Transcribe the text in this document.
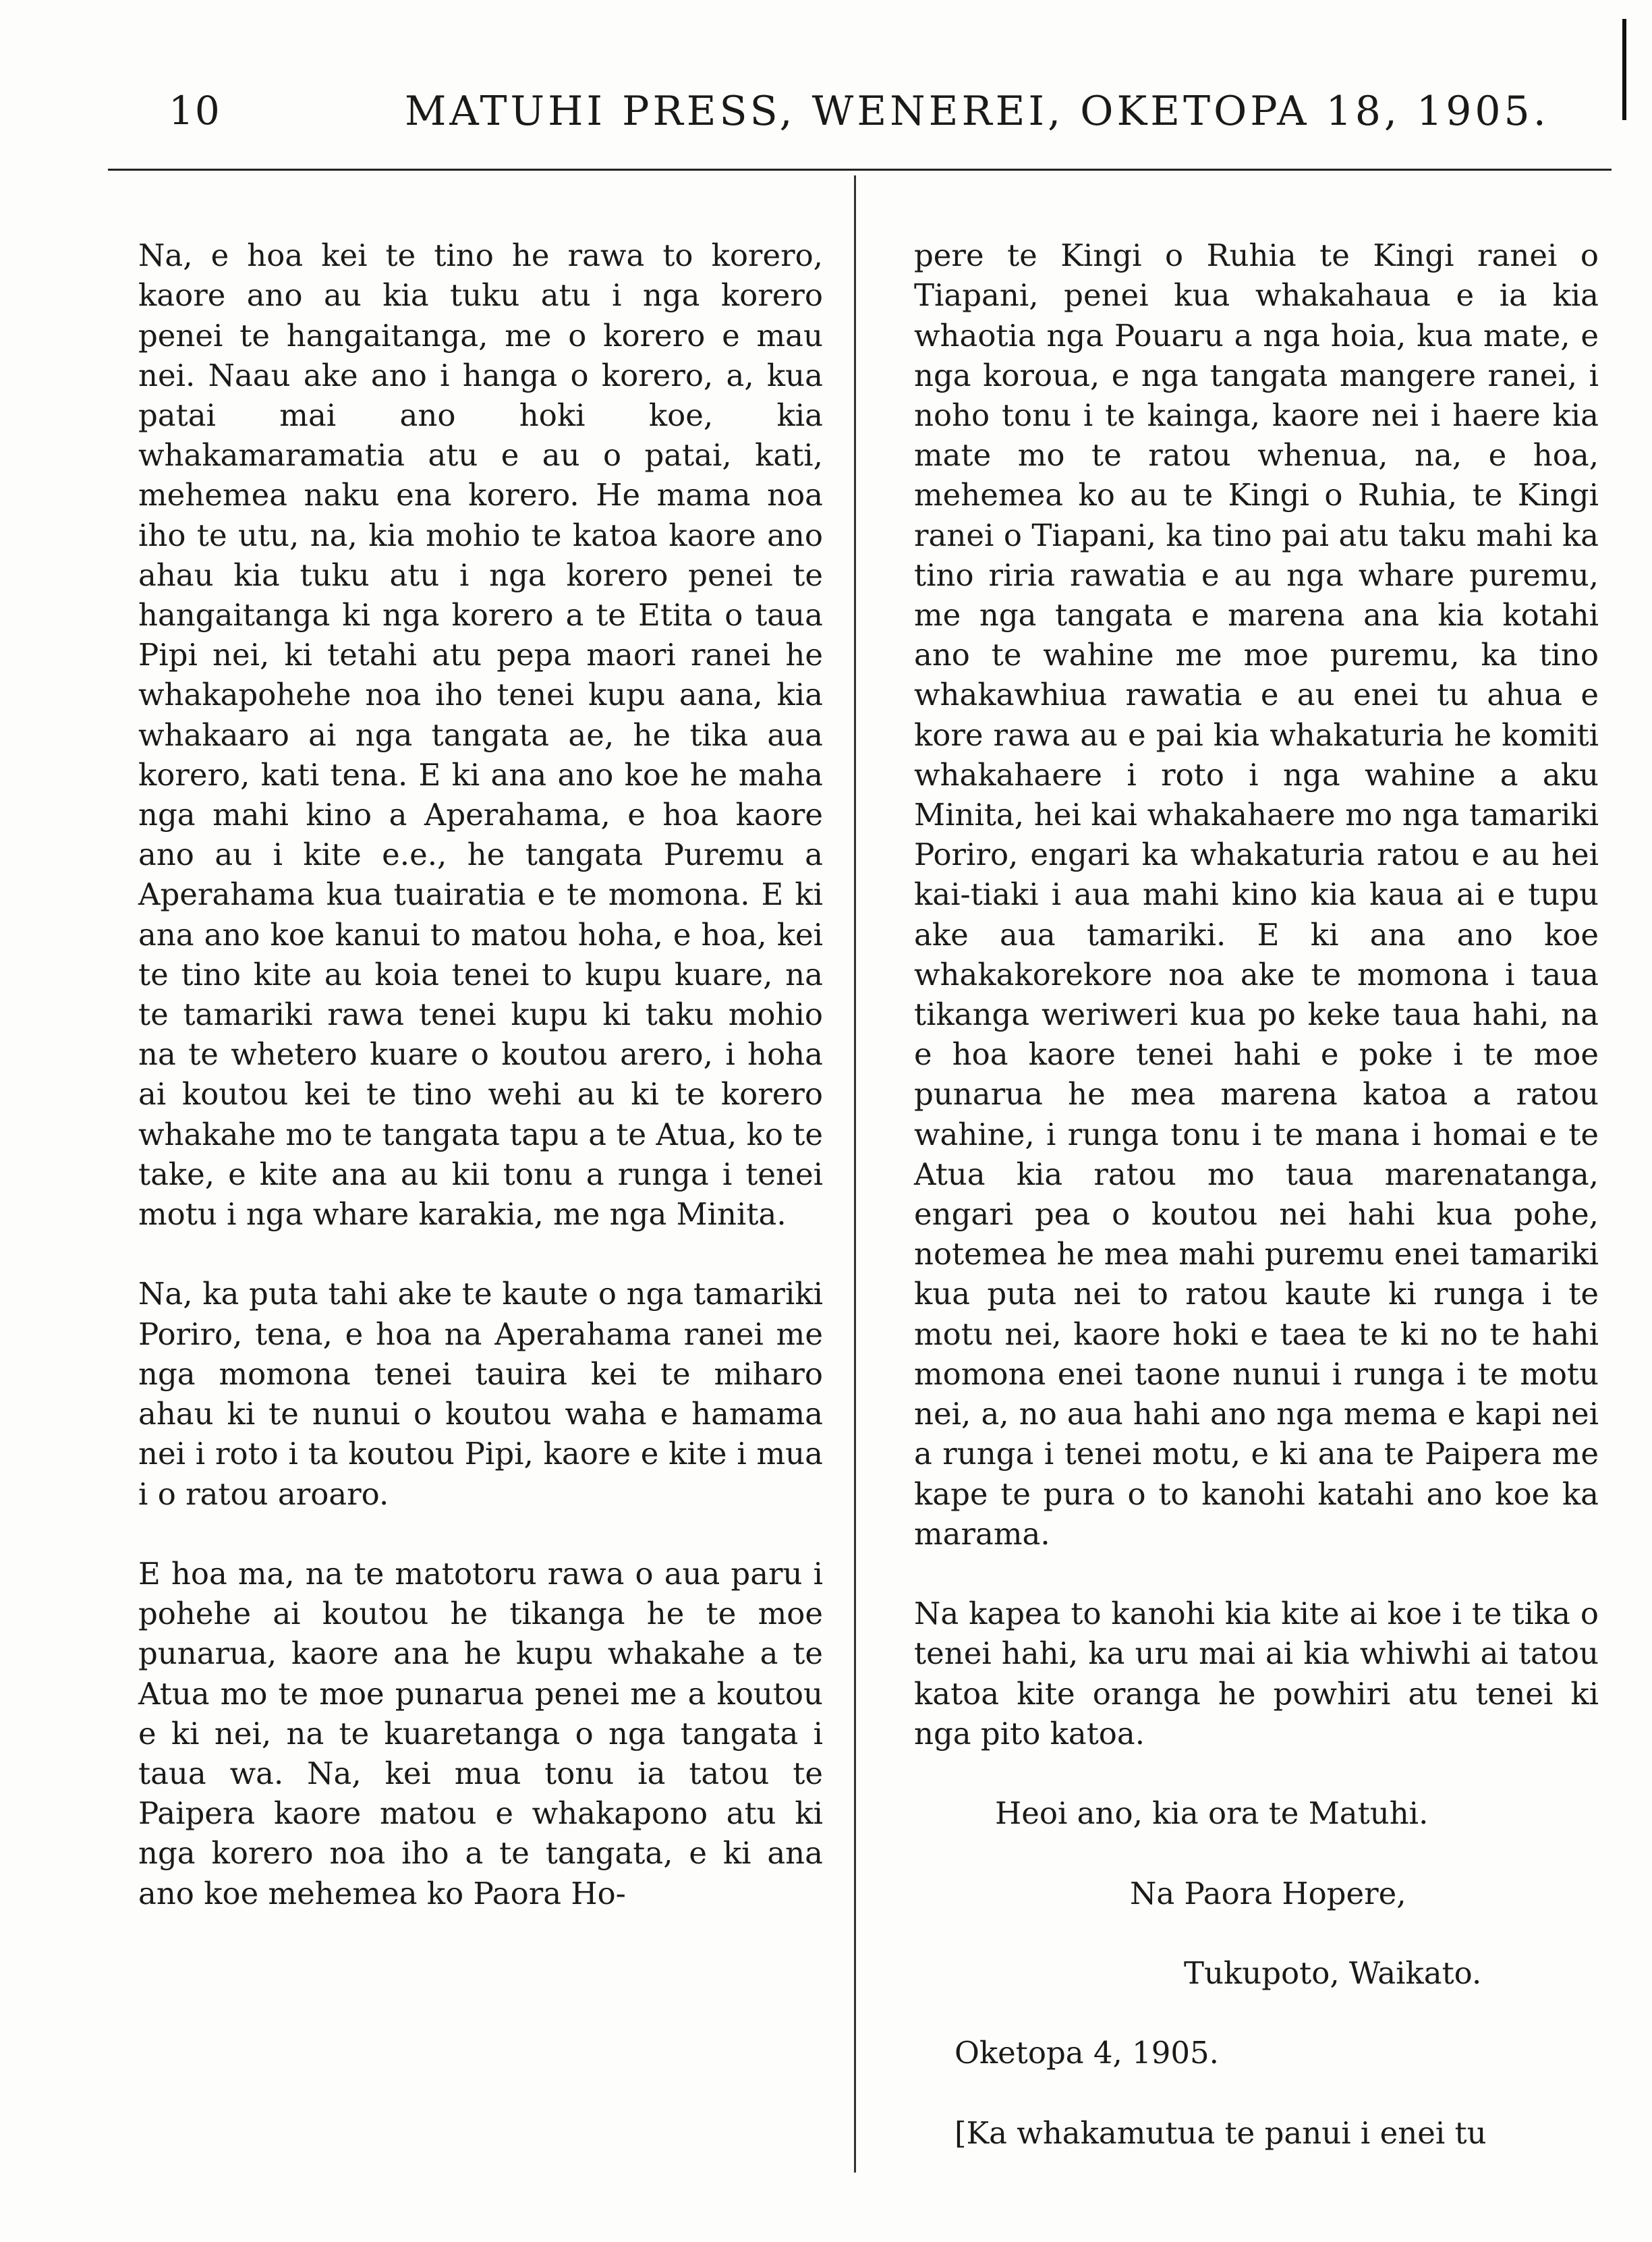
10	MATUHI PRESS, WENEREI, OKETOPA 18, 1905.

Na, e hoa kei te tino he rawa to korero, kaore ano au kia tuku atu i nga korero penei te hangaitanga, me o korero e mau nei. Naau ake ano i hanga o korero, a, kua patai mai ano hoki koe, kia whakamaramatia atu e au o patai, kati, mehemea naku ena korero. He mama noa iho te utu, na, kia mohio te katoa kaore ano ahau kia tuku atu i nga korero penei te hangaitanga ki nga korero a te Etita o taua Pipi nei, ki tetahi atu pepa maori ranei he whakapohehe noa iho tenei kupu aana, kia whakaaro ai nga tangata ae, he tika aua korero, kati tena. E ki ana ano koe he maha nga mahi kino a Aperahama, e hoa kaore ano au i kite e.e., he tangata Puremu a Aperahama kua tuairatia e te momona. E ki ana ano koe kanui to matou hoha, e hoa, kei te tino kite au koia tenei to kupu kuare, na te tamariki rawa tenei kupu ki taku mohio na te whetero kuare o koutou arero, i hoha ai koutou kei te tino wehi au ki te korero whakahe mo te tangata tapu a te Atua, ko te take, e kite ana au kii tonu a runga i tenei motu i nga whare karakia, me nga Minita.

Na, ka puta tahi ake te kaute o nga tamariki Poriro, tena, e hoa na Aperahama ranei me nga momona tenei tauira kei te miharo ahau ki te nunui o koutou waha e hamama nei i roto i ta koutou Pipi, kaore e kite i mua i o ratou aroaro.

E hoa ma, na te matotoru rawa o aua paru i pohehe ai koutou he tikanga he te moe punarua, kaore ana he kupu whakahe a te Atua mo te moe punarua penei me a koutou e ki nei, na te kuaretanga o nga tangata i taua wa. Na, kei mua tonu ia tatou te Paipera kaore matou e whakapono atu ki nga korero noa iho a te tangata, e ki ana ano koe mehemea ko Paora Ho-

pere te Kingi o Ruhia te Kingi ranei o Tiapani, penei kua whakahaua e ia kia whaotia nga Pouaru a nga hoia, kua mate, e nga koroua, e nga tangata mangere ranei, i noho tonu i te kainga, kaore nei i haere kia mate mo te ratou whenua, na, e hoa, mehemea ko au te Kingi o Ruhia, te Kingi ranei o Tiapani, ka tino pai atu taku mahi ka tino riria rawatia e au nga whare puremu, me nga tangata e marena ana kia kotahi ano te wahine me moe puremu, ka tino whakawhiua rawatia e au enei tu ahua e kore rawa au e pai kia whakaturia he komiti whakahaere i roto i nga wahine a aku Minita, hei kai whakahaere mo nga tamariki Poriro, engari ka whakaturia ratou e au hei kai-tiaki i aua mahi kino kia kaua ai e tupu ake aua tamariki. E ki ana ano koe whakakorekore noa ake te momona i taua tikanga weriweri kua po keke taua hahi, na e hoa kaore tenei hahi e poke i te moe punarua he mea marena katoa a ratou wahine, i runga tonu i te mana i homai e te Atua kia ratou mo taua marenatanga, engari pea o koutou nei hahi kua pohe, notemea he mea mahi puremu enei tamariki kua puta nei to ratou kaute ki runga i te motu nei, kaore hoki e taea te ki no te hahi momona enei taone nunui i runga i te motu nei, a, no aua hahi ano nga mema e kapi nei a runga i tenei motu, e ki ana te Paipera me kape te pura o to kanohi katahi ano koe ka marama.

Na kapea to kanohi kia kite ai koe i te tika o tenei hahi, ka uru mai ai kia whiwhi ai tatou katoa kite oranga he powhiri atu tenei ki nga pito katoa.

Heoi ano, kia ora te Matuhi.

Na Paora Hopere,

Tukupoto, Waikato.

Oketopa 4, 1905.

[Ka whakamutua te panui i enei tu
